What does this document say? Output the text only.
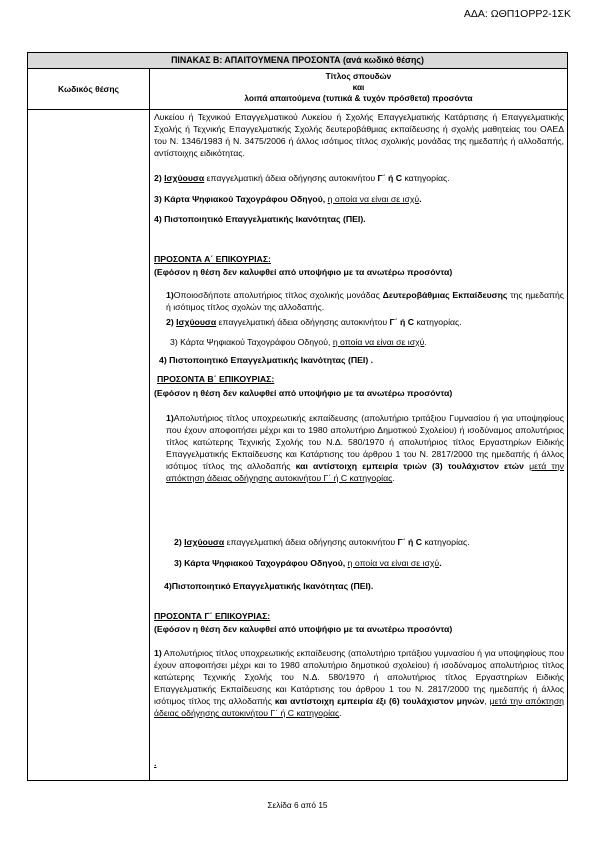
ΑΔΑ: ΩΘΠ1ΟΡΡ2-1ΣΚ
ΠΙΝΑΚΑΣ Β: ΑΠΑΙΤΟΥΜΕΝΑ ΠΡΟΣΟΝΤΑ (ανά κωδικό θέσης)
Κωδικός θέσης
Τίτλος σπουδών
και
λοιπά απαιτούμενα (τυπικά & τυχόν πρόσθετα) προσόντα
Λυκείου ή Τεχνικού Επαγγελματικού Λυκείου ή Σχολής Επαγγελματικής Κατάρτισης ή Επαγγελματικής Σχολής ή Τεχνικής Επαγγελματικής Σχολής δευτεροβάθμιας εκπαίδευσης ή σχολής μαθητείας του ΟΑΕΔ του Ν. 1346/1983 ή Ν. 3475/2006 ή άλλος ισότιμος τίτλος σχολικής μονάδας της ημεδαπής ή αλλοδαπής, αντίστοιχης ειδικότητας.
2) Ισχύουσα επαγγελματική άδεια οδήγησης αυτοκινήτου Γ΄ ή C κατηγορίας.
3) Κάρτα Ψηφιακού Ταχογράφου Οδηγού, η οποία να είναι σε ισχύ.
4) Πιστοποιητικό Επαγγελματικής Ικανότητας (ΠΕΙ).
ΠΡΟΣΟΝΤΑ Α΄ ΕΠΙΚΟΥΡΙΑΣ:
(Εφόσον η θέση δεν καλυφθεί από υποψήφιο με τα ανωτέρω προσόντα)
1)Οποιοσδήποτε απολυτήριος τίτλος σχολικής μονάδας Δευτεροβάθμιας Εκπαίδευσης της ημεδαπής ή ισότιμος τίτλος σχολών της αλλοδαπής.
2) Ισχύουσα επαγγελματική άδεια οδήγησης αυτοκινήτου Γ΄ ή C κατηγορίας.
3) Κάρτα Ψηφιακού Ταχογράφου Οδηγού, η οποία να είναι σε ισχύ.
4) Πιστοποιητικό Επαγγελματικής Ικανότητας (ΠΕΙ) .
ΠΡΟΣΟΝΤΑ Β΄ ΕΠΙΚΟΥΡΙΑΣ:
(Εφόσον η θέση δεν καλυφθεί από υποψήφιο με τα ανωτέρω προσόντα)
1)Απολυτήριος τίτλος υποχρεωτικής εκπαίδευσης (απολυτήριο τριτάξιου Γυμνασίου ή για υποψηφίους που έχουν αποφοιτήσει μέχρι και το 1980 απολυτήριο Δημοτικού Σχολείου) ή ισοδύναμος απολυτήριος τίτλος κατώτερης Τεχνικής Σχολής του Ν.Δ. 580/1970 ή απολυτήριος τίτλος Εργαστηρίων Ειδικής Επαγγελματικής Εκπαίδευσης και Κατάρτισης του άρθρου 1 του Ν. 2817/2000 της ημεδαπής ή άλλος ισότιμος τίτλος της αλλοδαπής και αντίστοιχη εμπειρία τριών (3) τουλάχιστον ετών μετά την απόκτηση άδειας οδήγησης αυτοκινήτου Γ΄ ή C κατηγορίας.
2) Ισχύουσα επαγγελματική άδεια οδήγησης αυτοκινήτου Γ΄ ή C κατηγορίας.
3) Κάρτα Ψηφιακού Ταχογράφου Οδηγού, η οποία να είναι σε ισχύ.
4)Πιστοποιητικό Επαγγελματικής Ικανότητας (ΠΕΙ).
ΠΡΟΣΟΝΤΑ Γ΄ ΕΠΙΚΟΥΡΙΑΣ:
(Εφόσον η θέση δεν καλυφθεί από υποψήφιο με τα ανωτέρω προσόντα)
1) Απολυτήριος τίτλος υποχρεωτικής εκπαίδευσης (απολυτήριο τριτάξιου γυμνασίου ή για υποψηφίους που έχουν αποφοιτήσει μέχρι και το 1980 απολυτήριο δημοτικού σχολείου) ή ισοδύναμος απολυτήριος τίτλος κατώτερης Τεχνικής Σχολής του Ν.Δ. 580/1970 ή απολυτήριος τίτλος Εργαστηρίων Ειδικής Επαγγελματικής Εκπαίδευσης και Κατάρτισης του άρθρου 1 του Ν. 2817/2000 της ημεδαπής ή άλλος ισότιμος τίτλος της αλλοδαπής και αντίστοιχη εμπειρία έξι (6) τουλάχιστον μηνών, μετά την απόκτηση άδειας οδήγησης αυτοκινήτου Γ΄ ή C κατηγορίας.
.
Σελίδα 6 από 15
